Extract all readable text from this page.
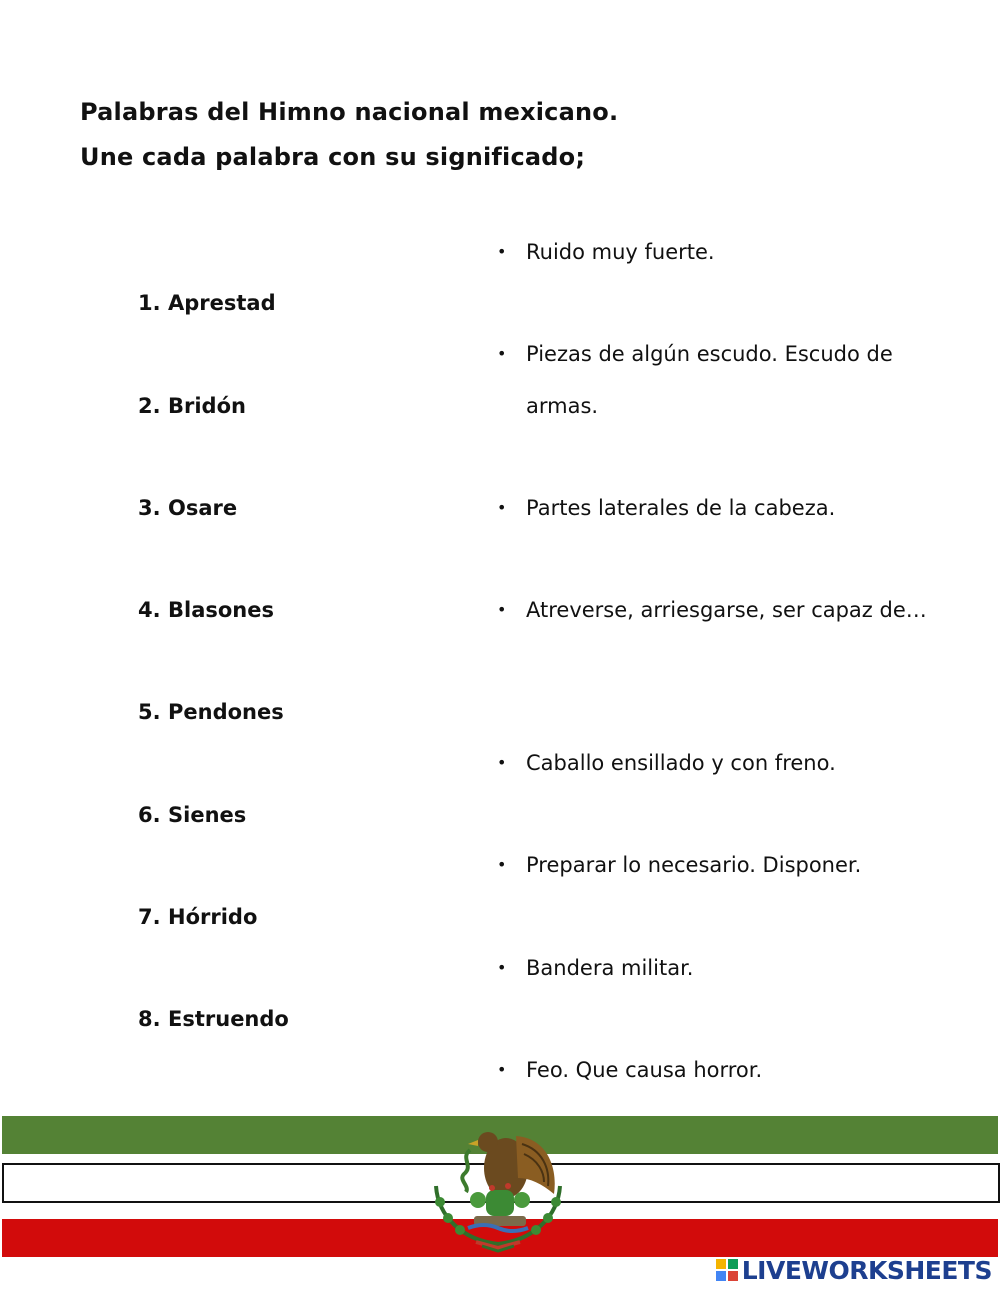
Palabras del Himno nacional mexicano.
Une cada palabra con su significado;
1. Aprestad
2. Bridón
3. Osare
4. Blasones
5. Pendones
6. Sienes
7. Hórrido
8. Estruendo
• Ruido muy fuerte.
• Piezas de algún escudo. Escudo de armas.
• Partes laterales de la cabeza.
• Atreverse, arriesgarse, ser capaz de…
• Caballo ensillado y con freno.
• Preparar lo necesario. Disponer.
• Bandera militar.
• Feo. Que causa horror.
LIVEWORKSHEETS
